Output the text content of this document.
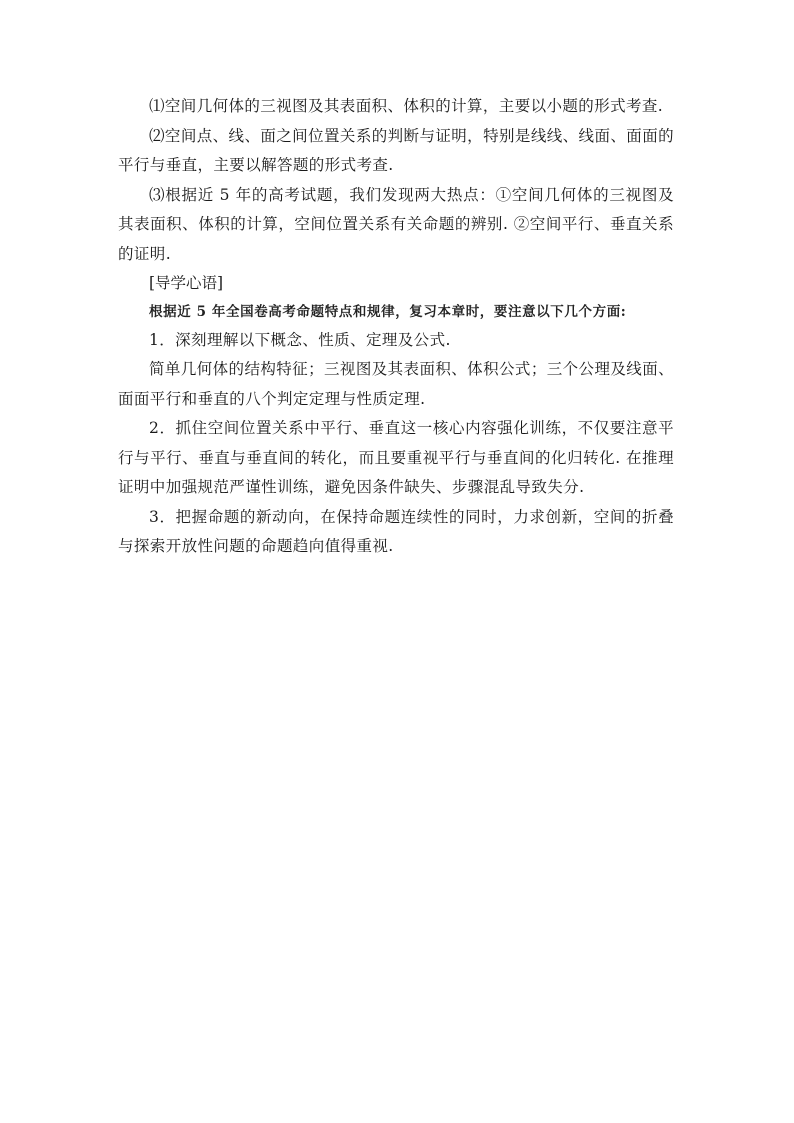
⑴空间几何体的三视图及其表面积、体积的计算，主要以小题的形式考查.

⑵空间点、线、面之间位置关系的判断与证明，特别是线线、线面、面面的平行与垂直，主要以解答题的形式考查.

⑶根据近 5 年的高考试题，我们发现两大热点：①空间几何体的三视图及其表面积、体积的计算，空间位置关系有关命题的辨别. ②空间平行、垂直关系的证明.

[导学心语]

根据近 5 年全国卷高考命题特点和规律，复习本章时，要注意以下几个方面:

1．深刻理解以下概念、性质、定理及公式.

简单几何体的结构特征；三视图及其表面积、体积公式；三个公理及线面、面面平行和垂直的八个判定定理与性质定理.

2．抓住空间位置关系中平行、垂直这一核心内容强化训练，不仅要注意平行与平行、垂直与垂直间的转化，而且要重视平行与垂直间的化归转化. 在推理证明中加强规范严谨性训练，避免因条件缺失、步骤混乱导致失分.

3．把握命题的新动向，在保持命题连续性的同时，力求创新，空间的折叠与探索开放性问题的命题趋向值得重视.
